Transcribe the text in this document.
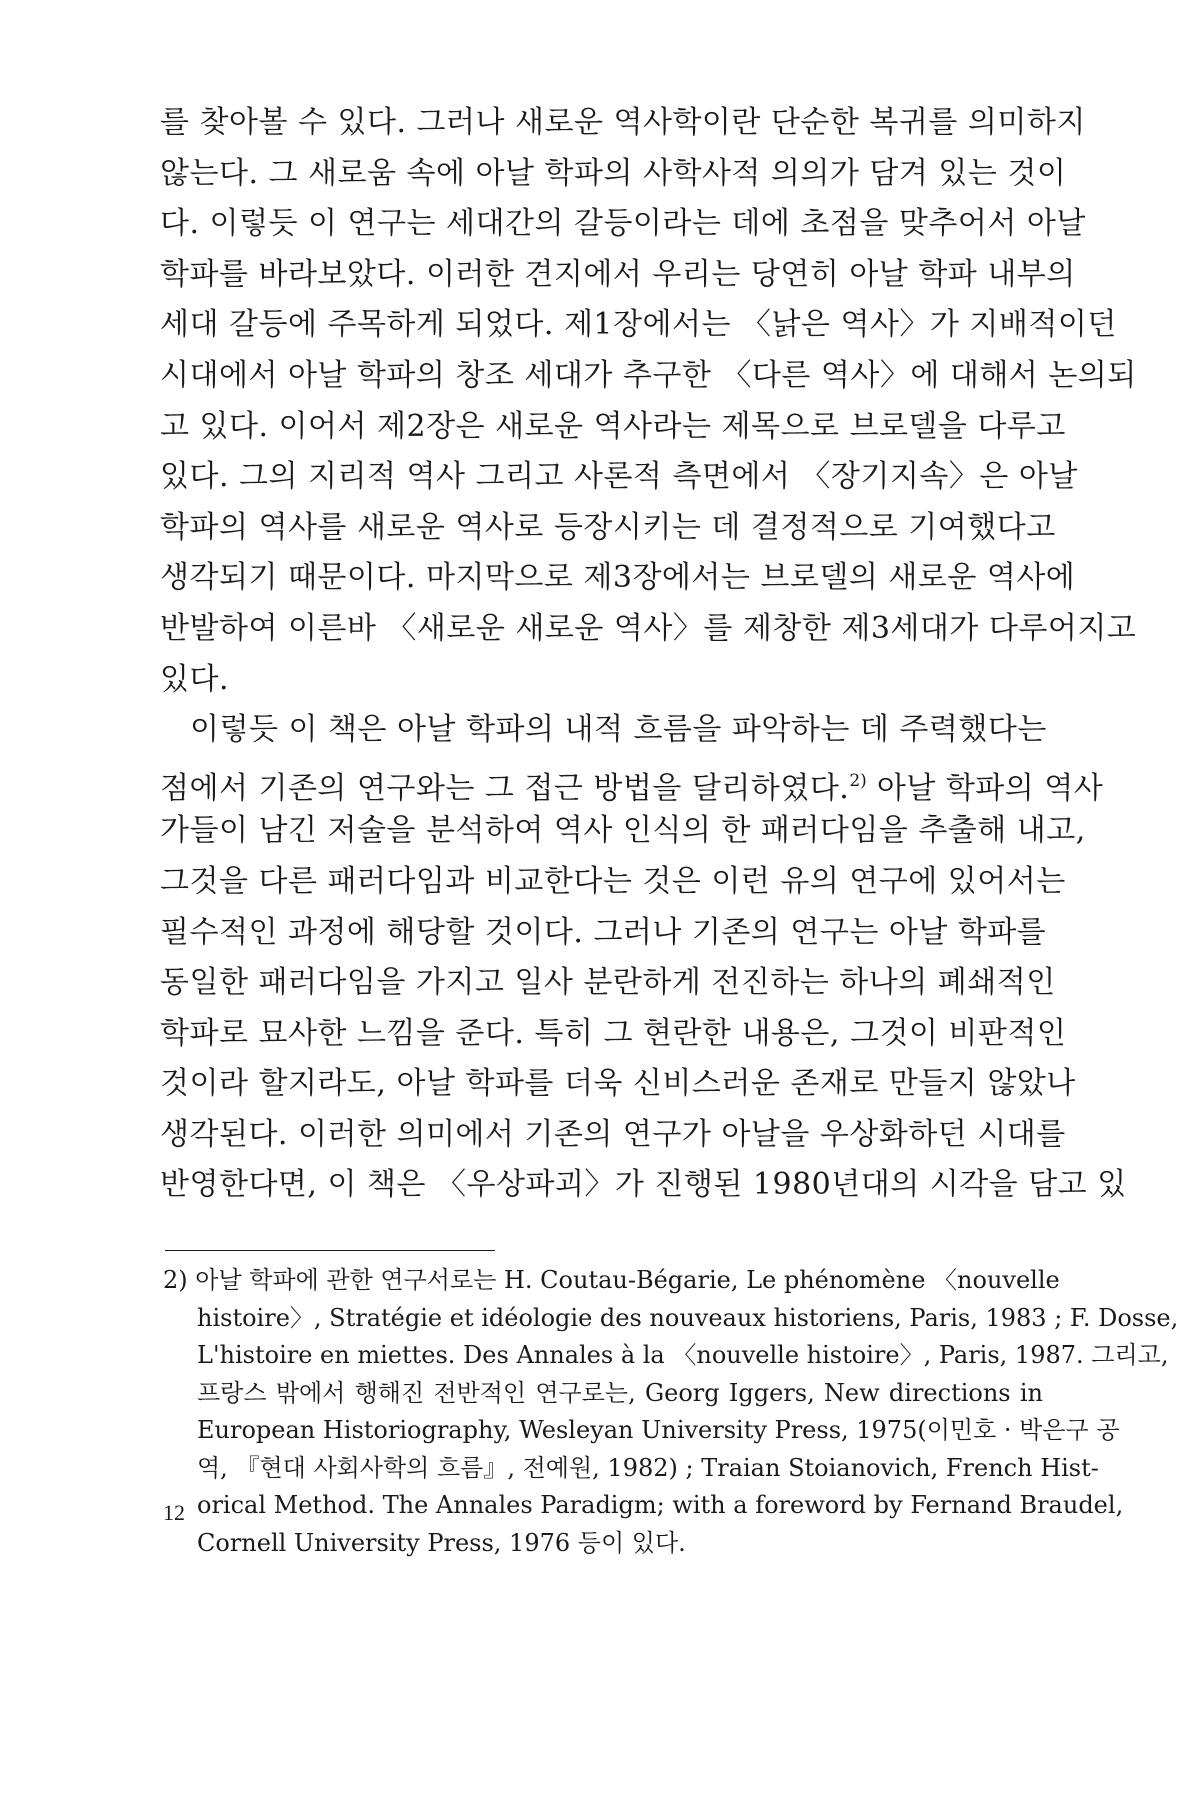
를 찾아볼 수 있다. 그러나 새로운 역사학이란 단순한 복귀를 의미하지
않는다. 그 새로움 속에 아날 학파의 사학사적 의의가 담겨 있는 것이
다. 이렇듯 이 연구는 세대간의 갈등이라는 데에 초점을 맞추어서 아날
학파를 바라보았다. 이러한 견지에서 우리는 당연히 아날 학파 내부의
세대 갈등에 주목하게 되었다. 제1장에서는 〈낡은 역사〉가 지배적이던
시대에서 아날 학파의 창조 세대가 추구한 〈다른 역사〉에 대해서 논의되
고 있다. 이어서 제2장은 새로운 역사라는 제목으로 브로델을 다루고
있다. 그의 지리적 역사 그리고 사론적 측면에서 〈장기지속〉은 아날
학파의 역사를 새로운 역사로 등장시키는 데 결정적으로 기여했다고
생각되기 때문이다. 마지막으로 제3장에서는 브로델의 새로운 역사에
반발하여 이른바 〈새로운 새로운 역사〉를 제창한 제3세대가 다루어지고
있다.
이렇듯 이 책은 아날 학파의 내적 흐름을 파악하는 데 주력했다는
점에서 기존의 연구와는 그 접근 방법을 달리하였다.$^{2)}$ 아날 학파의 역사
가들이 남긴 저술을 분석하여 역사 인식의 한 패러다임을 추출해 내고,
그것을 다른 패러다임과 비교한다는 것은 이런 유의 연구에 있어서는
필수적인 과정에 해당할 것이다. 그러나 기존의 연구는 아날 학파를
동일한 패러다임을 가지고 일사 분란하게 전진하는 하나의 폐쇄적인
학파로 묘사한 느낌을 준다. 특히 그 현란한 내용은, 그것이 비판적인
것이라 할지라도, 아날 학파를 더욱 신비스러운 존재로 만들지 않았나
생각된다. 이러한 의미에서 기존의 연구가 아날을 우상화하던 시대를
반영한다면, 이 책은 〈우상파괴〉가 진행된 1980년대의 시각을 담고 있
2) 아날 학파에 관한 연구서로는 H. Coutau-Bégarie, Le phénomène 〈nouvelle
histoire〉, Stratégie et idéologie des nouveaux historiens, Paris, 1983 ; F. Dosse,
L'histoire en miettes. Des Annales à la 〈nouvelle histoire〉, Paris, 1987. 그리고,
프랑스 밖에서 행해진 전반적인 연구로는, Georg Iggers, New directions in
European Historiography, Wesleyan University Press, 1975(이민호 · 박은구 공
역, 『현대 사회사학의 흐름』, 전예원, 1982) ; Traian Stoianovich, French Hist-
orical Method. The Annales Paradigm; with a foreword by Fernand Braudel,
Cornell University Press, 1976 등이 있다.
12
